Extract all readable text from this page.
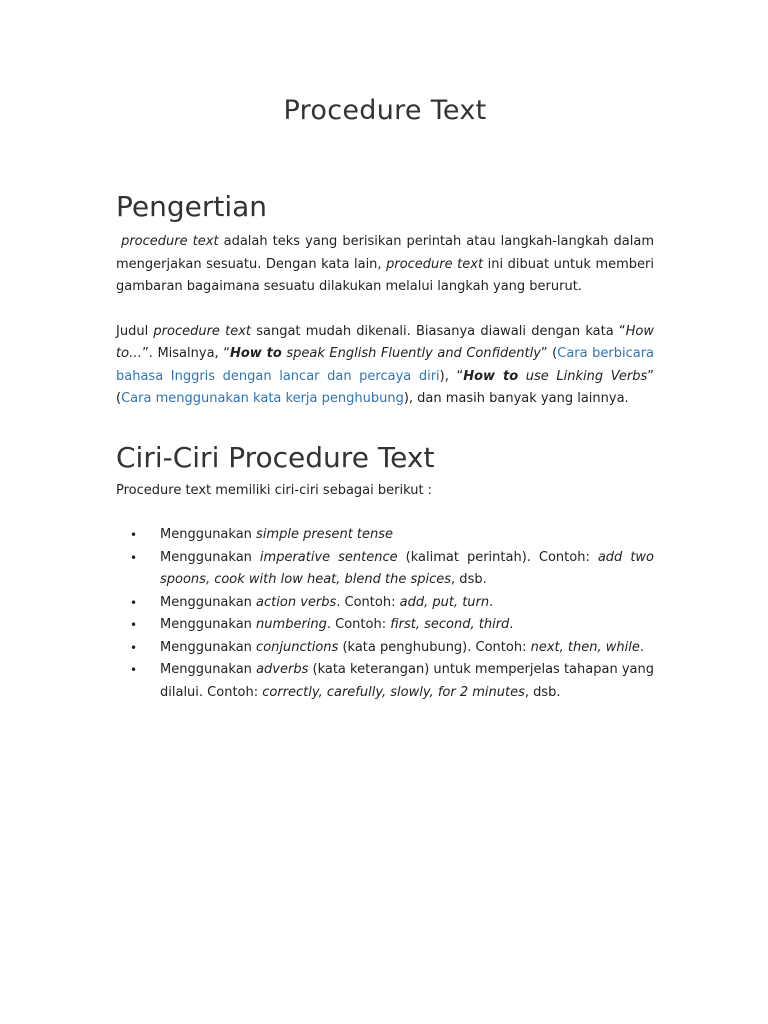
Procedure Text
Pengertian

procedure text adalah teks yang berisikan perintah atau langkah-langkah dalam mengerjakan sesuatu. Dengan kata lain, procedure text ini dibuat untuk memberi gambaran bagaimana sesuatu dilakukan melalui langkah yang berurut.

Judul procedure text sangat mudah dikenali. Biasanya diawali dengan kata “How to…”. Misalnya, “How to speak English Fluently and Confidently” (Cara berbicara bahasa Inggris dengan lancar dan percaya diri), “How to use Linking Verbs” (Cara menggunakan kata kerja penghubung), dan masih banyak yang lainnya.

Ciri-Ciri Procedure Text

Procedure text memiliki ciri-ciri sebagai berikut :

• Menggunakan simple present tense
• Menggunakan imperative sentence (kalimat perintah). Contoh: add two spoons, cook with low heat, blend the spices, dsb.
• Menggunakan action verbs. Contoh: add, put, turn.
• Menggunakan numbering. Contoh: first, second, third.
• Menggunakan conjunctions (kata penghubung). Contoh: next, then, while.
• Menggunakan adverbs (kata keterangan) untuk memperjelas tahapan yang dilalui. Contoh: correctly, carefully, slowly, for 2 minutes, dsb.
